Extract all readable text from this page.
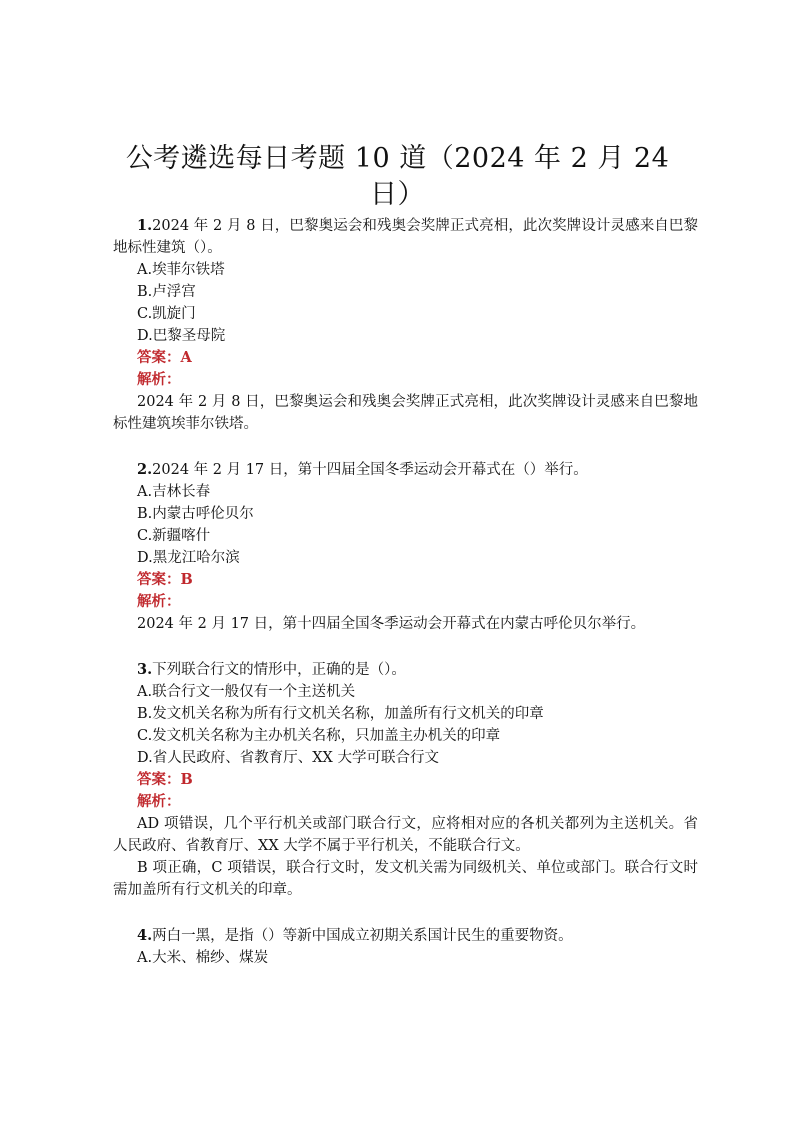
公考遴选每日考题 10 道（2024 年 2 月 24 日）
1.2024 年 2 月 8 日，巴黎奥运会和残奥会奖牌正式亮相，此次奖牌设计灵感来自巴黎地标性建筑（）。
A.埃菲尔铁塔
B.卢浮宫
C.凯旋门
D.巴黎圣母院
答案：A
解析：
2024 年 2 月 8 日，巴黎奥运会和残奥会奖牌正式亮相，此次奖牌设计灵感来自巴黎地标性建筑埃菲尔铁塔。
2.2024 年 2 月 17 日，第十四届全国冬季运动会开幕式在（）举行。
A.吉林长春
B.内蒙古呼伦贝尔
C.新疆喀什
D.黑龙江哈尔滨
答案：B
解析：
2024 年 2 月 17 日，第十四届全国冬季运动会开幕式在内蒙古呼伦贝尔举行。
3.下列联合行文的情形中，正确的是（）。
A.联合行文一般仅有一个主送机关
B.发文机关名称为所有行文机关名称，加盖所有行文机关的印章
C.发文机关名称为主办机关名称，只加盖主办机关的印章
D.省人民政府、省教育厅、XX 大学可联合行文
答案：B
解析：
AD 项错误，几个平行机关或部门联合行文，应将相对应的各机关都列为主送机关。省人民政府、省教育厅、XX 大学不属于平行机关，不能联合行文。
B 项正确，C 项错误，联合行文时，发文机关需为同级机关、单位或部门。联合行文时需加盖所有行文机关的印章。
4.两白一黑，是指（）等新中国成立初期关系国计民生的重要物资。
A.大米、棉纱、煤炭
